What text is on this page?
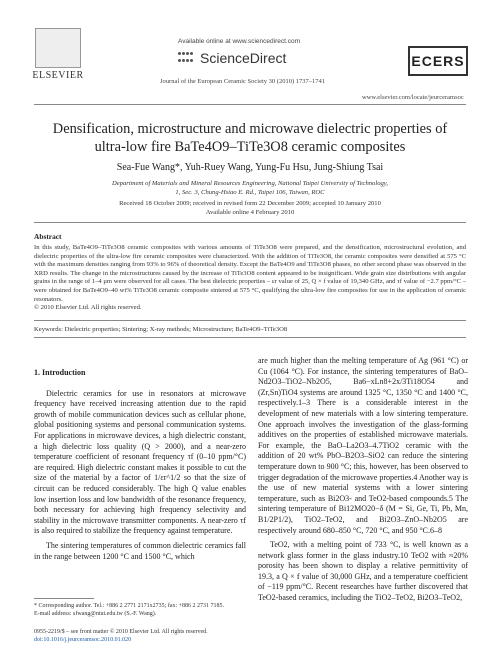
ELSEVIER
Available online at www.sciencedirect.com
ScienceDirect
Journal of the European Ceramic Society 30 (2010) 1737–1741
ECERS
www.elsevier.com/locate/jeurceramsoc
Densification, microstructure and microwave dielectric properties of
ultra-low fire BaTe4O9–TiTe3O8 ceramic composites
Sea-Fue Wang*, Yuh-Ruey Wang, Yung-Fu Hsu, Jung-Shiung Tsai
Department of Materials and Mineral Resources Engineering, National Taipei University of Technology,
1, Sec. 3, Chung-Hsiao E. Rd., Taipei 106, Taiwan, ROC
Received 18 October 2009; received in revised form 22 December 2009; accepted 10 January 2010
Available online 4 February 2010
Abstract
In this study, BaTe4O9–TiTe3O8 ceramic composites with various amounts of TiTe3O8 were prepared, and the densification, microstructural evolution, and dielectric properties of the ultra-low fire ceramic composites were characterized. With the addition of TiTe3O8, the ceramic composites were densified at 575 °C with the maximum densities ranging from 93% to 96% of theoretical density. Except the BaTe4O9 and TiTe3O8 phases, no other second phase was observed in the XRD results. The change in the microstructures caused by the increase of TiTe3O8 content appeared to be insignificant. Wide grain size distributions with angular grains in the range of 1–4 μm were observed for all cases. The best dielectric properties – εr value of 25, Q × f value of 19,340 GHz, and τf value of −2.7 ppm/°C – were obtained for BaTe4O9–40 wt% TiTe3O8 ceramic composite sintered at 575 °C, qualifying the ultra-low fire composites for use in the application of ceramic resonators.
© 2010 Elsevier Ltd. All rights reserved.
Keywords: Dielectric properties; Sintering; X-ray methods; Microstructure; BaTe4O9–TiTe3O8
1. Introduction

Dielectric ceramics for use in resonators at microwave frequency have received increasing attention due to the rapid growth of mobile communication devices such as cellular phone, global positioning systems and personal communication systems. For applications in microwave devices, a high dielectric constant, a high dielectric loss quality (Q > 2000), and a near-zero temperature coefficient of resonant frequency τf (0–10 ppm/°C) are required. High dielectric constant makes it possible to cut the size of the material by a factor of 1/εr^1/2 so that the size of circuit can be reduced considerably. The high Q value enables low insertion loss and low bandwidth of the resonance frequency, both necessary for achieving high frequency selectivity and stability in the microwave transmitter components. A near-zero τf is also required to stabilize the frequency against temperature.

The sintering temperatures of common dielectric ceramics fall in the range between 1200 °C and 1500 °C, which

are much higher than the melting temperature of Ag (961 °C) or Cu (1064 °C). For instance, the sintering temperatures of BaO–Nd2O3–TiO2–Nb2O5, Ba6−xLn8+2x/3Ti18O54 and (Zr,Sn)TiO4 systems are around 1325 °C, 1350 °C and 1400 °C, respectively.1–3 There is a considerable interest in the development of new materials with a low sintering temperature. One approach involves the investigation of the glass-forming additives on the properties of established microwave materials. For example, the BaO–La2O3–4.7TiO2 ceramic with the addition of 20 wt% PbO–B2O3–SiO2 can reduce the sintering temperature down to 900 °C; this, however, has been observed to trigger degradation of the microwave properties.4 Another way is the use of new material systems with a lower sintering temperature, such as Bi2O3- and TeO2-based compounds.5 The sintering temperature of Bi12MO20−δ (M = Si, Ge, Ti, Pb, Mn, B1/2P1/2), TiO2–TeO2, and Bi2O3–ZnO–Nb2O5 are respectively around 680–850 °C, 720 °C, and 950 °C.6–8

TeO2, with a melting point of 733 °C, is well known as a network glass former in the glass industry.10 TeO2 with ≈20% porosity has been shown to display a relative permittivity of 19.3, a Q × f value of 30,000 GHz, and a temperature coefficient of −119 ppm/°C. Recent researches have further discovered that TeO2-based ceramics, including the TiO2–TeO2, Bi2O3–TeO2,

* Corresponding author. Tel.: +886 2 2771 2171x2735; fax: +886 2 2731 7185.
E-mail address: sfwang@ntut.edu.tw (S.-F. Wang).
0955-2219/$ – see front matter © 2010 Elsevier Ltd. All rights reserved.
doi:10.1016/j.jeurceramsoc.2010.01.020
